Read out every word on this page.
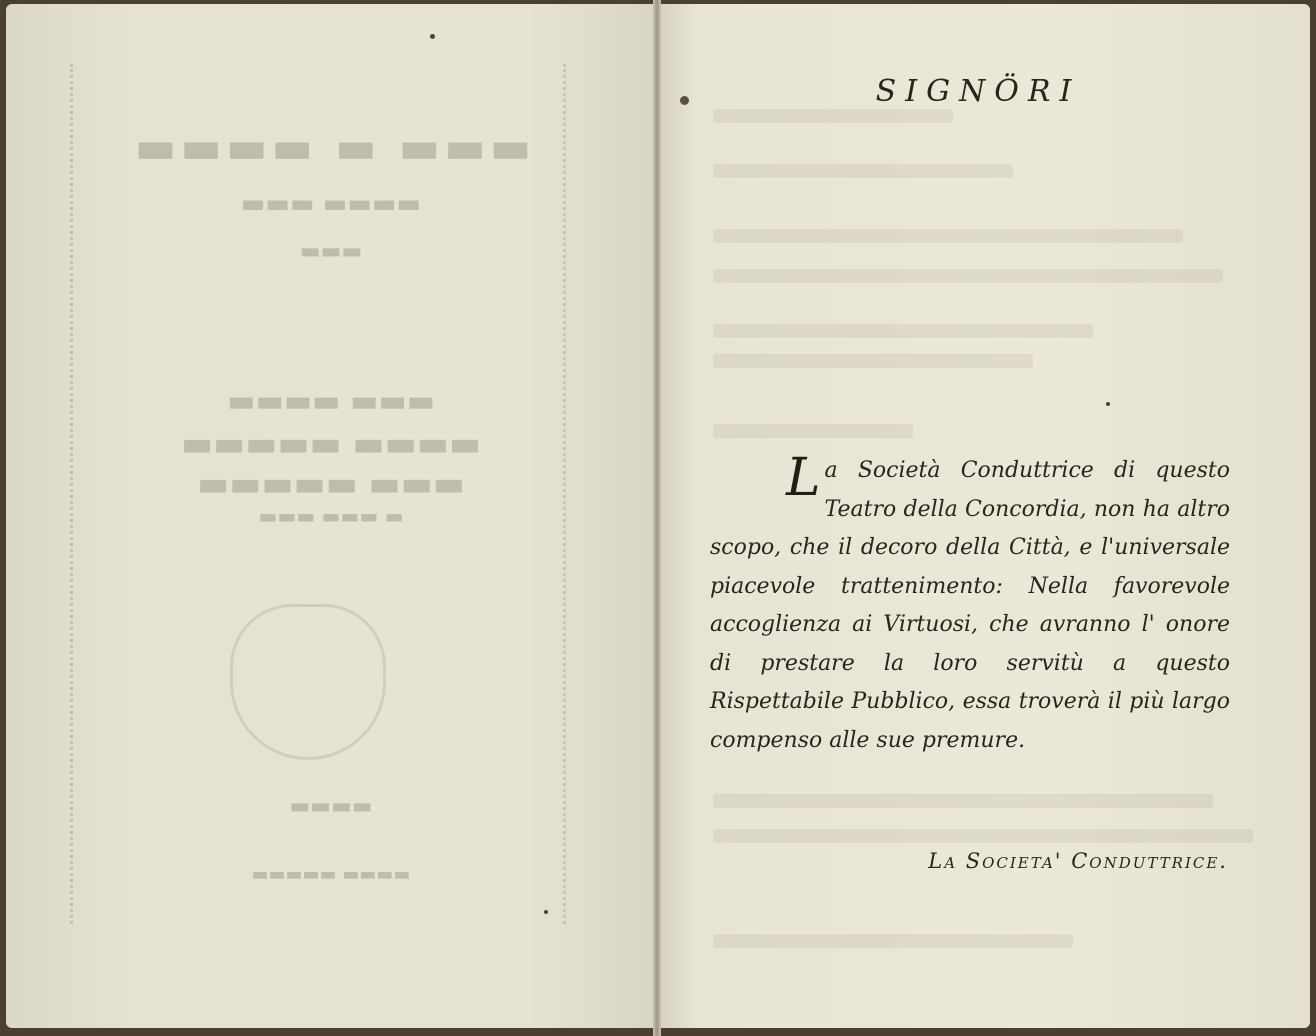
▬▬▬ ▬ ▬▬▬▬
▬▬▬▬ ▬▬▬
▬▬▬
▬▬▬ ▬▬▬▬
▬▬▬▬ ▬▬▬▬▬
▬▬▬ ▬▬▬▬▬
▬ ▬▬▬ ▬▬▬
▬▬▬▬
▬▬▬▬ ▬▬▬▬▬
SIGNÖRI
La Società Conduttrice di questo Teatro della Concordia, non ha altro scopo, che il decoro della Città, e l'universale piacevole trattenimento: Nella favorevole accoglienza ai Virtuosi, che avranno l' onore di prestare la loro servitù a questo Rispettabile Pubblico, essa troverà il più largo compenso alle sue premure.
La Societa' Conduttrice.
